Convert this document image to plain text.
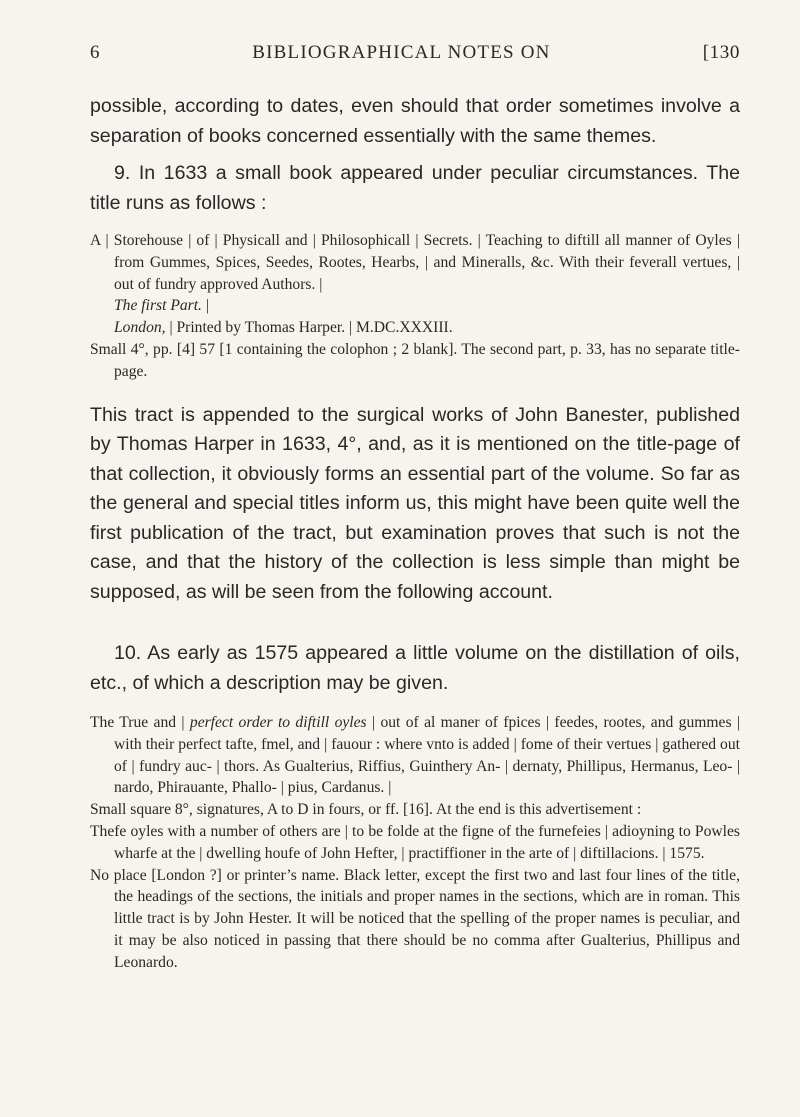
6	BIBLIOGRAPHICAL NOTES ON	[130

possible, according to dates, even should that order sometimes involve a separation of books concerned essentially with the same themes.

9. In 1633 a small book appeared under peculiar circumstances. The title runs as follows :

A | Storehouse | of | Physicall and | Philosophicall | Secrets. | Teaching to diftill all manner of Oyles | from Gummes, Spices, Seedes, Rootes, Hearbs, | and Mineralls, &c. With their feverall vertues, | out of fundry approved Authors. |
The first Part. |
London, | Printed by Thomas Harper. | M.DC.XXXIII.

Small 4°, pp. [4] 57 [1 containing the colophon ; 2 blank]. The second part, p. 33, has no separate title-page.

This tract is appended to the surgical works of John Banester, published by Thomas Harper in 1633, 4°, and, as it is mentioned on the title-page of that collection, it obviously forms an essential part of the volume. So far as the general and special titles inform us, this might have been quite well the first publication of the tract, but examination proves that such is not the case, and that the history of the collection is less simple than might be supposed, as will be seen from the following account.

10. As early as 1575 appeared a little volume on the distillation of oils, etc., of which a description may be given.

The True and | perfect order to diftill oyles | out of al maner of fpices | feedes, rootes, and gummes | with their perfect tafte, fmel, and | fauour : where vnto is added | fome of their vertues | gathered out of | fundry auc- | thors. As Gualterius, Riffius, Guinthery An- | dernaty, Phillipus, Hermanus, Leo- | nardo, Phirauante, Phallo- | pius, Cardanus. |

Small square 8°, signatures, A to D in fours, or ff. [16]. At the end is this advertisement :

Thefe oyles with a number of others are | to be folde at the figne of the furnefeies | adioyning to Powles wharfe at the | dwelling houfe of John Hefter, | practiffioner in the arte of | diftillacions. | 1575.

No place [London ?] or printer’s name. Black letter, except the first two and last four lines of the title, the headings of the sections, the initials and proper names in the sections, which are in roman. This little tract is by John Hester. It will be noticed that the spelling of the proper names is peculiar, and it may be also noticed in passing that there should be no comma after Gualterius, Phillipus and Leonardo.
